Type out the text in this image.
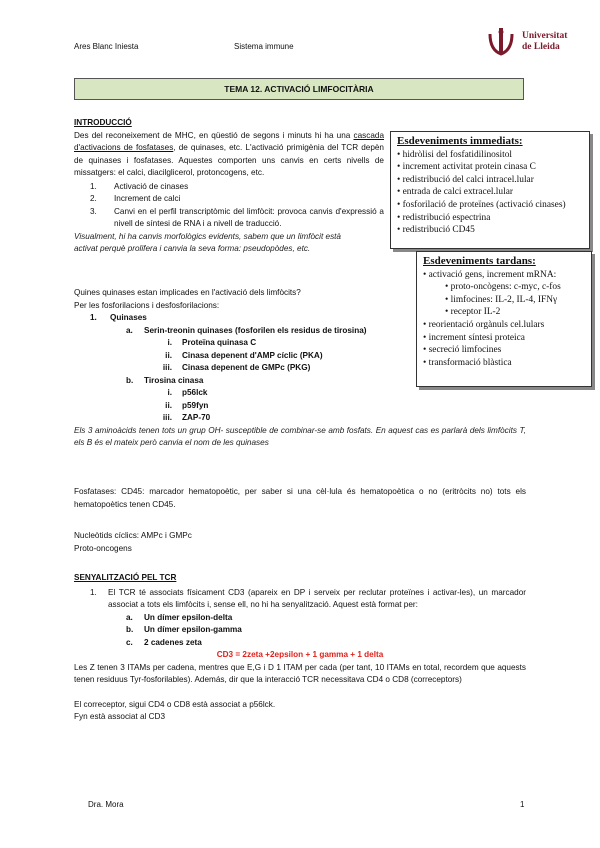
Ares Blanc Iniesta	Sistema immune
Universitat
de Lleida
TEMA 12. ACTIVACIÓ LIMFOCITÀRIA
INTRODUCCIÓ
Des del reconeixement de MHC, en qüestió de segons i minuts hi ha una cascada d'activacions de fosfatases, de quinases, etc. L'activació primigènia del TCR depèn de quinases i fosfatases. Aquestes comporten uns canvis en certs nivells de missatgers: el calci, diacilglicerol, protoncogens, etc.
1. Activació de cinases
2. Increment de calci
3. Canvi en el perfil transcriptòmic del limfòcit: provoca canvis d'expressió a nivell de síntesi de RNA i a nivell de traducció.
Visualment, hi ha canvis morfològics evidents, sabem que un limfòcit està activat perquè prolifera i canvia la seva forma: pseudopòdes, etc.
Esdeveniments immediats:
• hidròlisi del fosfatidilinositol
• increment activitat protein cinasa C
• redistribució del calci intracel.lular
• entrada de calci extracel.lular
• fosforilació de proteïnes (activació cinases)
• redistribució espectrina
• redistribució CD45
Esdeveniments tardans:
• activació gens, increment mRNA:
• proto-oncògens: c-myc, c-fos
• limfocines: IL-2, IL-4, IFNγ
• receptor IL-2
• reorientació orgànuls cel.lulars
• increment síntesi proteica
• secreció limfocines
• transformació blàstica
Quines quinases estan implicades en l'activació dels limfòcits?
Per les fosforilacions i desfosforilacions:
1. Quinases
a. Serin-treonin quinases (fosforilen els residus de tirosina)
i. Proteïna quinasa C
ii. Cinasa depenent d'AMP cíclic (PKA)
iii. Cinasa depenent de GMPc (PKG)
b. Tirosina cinasa
i. p56lck
ii. p59fyn
iii. ZAP-70
Els 3 aminoàcids tenen tots un grup OH- susceptible de combinar-se amb fosfats. En aquest cas es parlarà dels limfòcits T, els B és el mateix però canvia el nom de les quinases
Fosfatases: CD45: marcador hematopoètic, per saber si una cèl·lula és hematopoètica o no (eritròcits no) tots els hematopoètics tenen CD45.
Nucleòtids cíclics: AMPc i GMPc
Proto-oncogens
SENYALITZACIÓ PEL TCR
1. El TCR té associats físicament CD3 (apareix en DP i serveix per reclutar proteïnes i activar-les), un marcador associat a tots els limfòcits i, sense ell, no hi ha senyalització. Aquest està format per:
a. Un dímer epsilon-delta
b. Un dímer epsilon-gamma
c. 2 cadenes zeta
CD3 = 2zeta +2epsilon + 1 gamma + 1 delta
Les Z tenen 3 ITAMs per cadena, mentres que E,G i D 1 ITAM per cada (per tant, 10 ITAMs en total, recordem que aquests tenen residuus Tyr-fosforilables). Además, dir que la interacció TCR necessitava CD4 o CD8 (correceptors)
El correceptor, sigui CD4 o CD8 està associat a p56lck.
Fyn està associat al CD3
Dra. Mora	1
